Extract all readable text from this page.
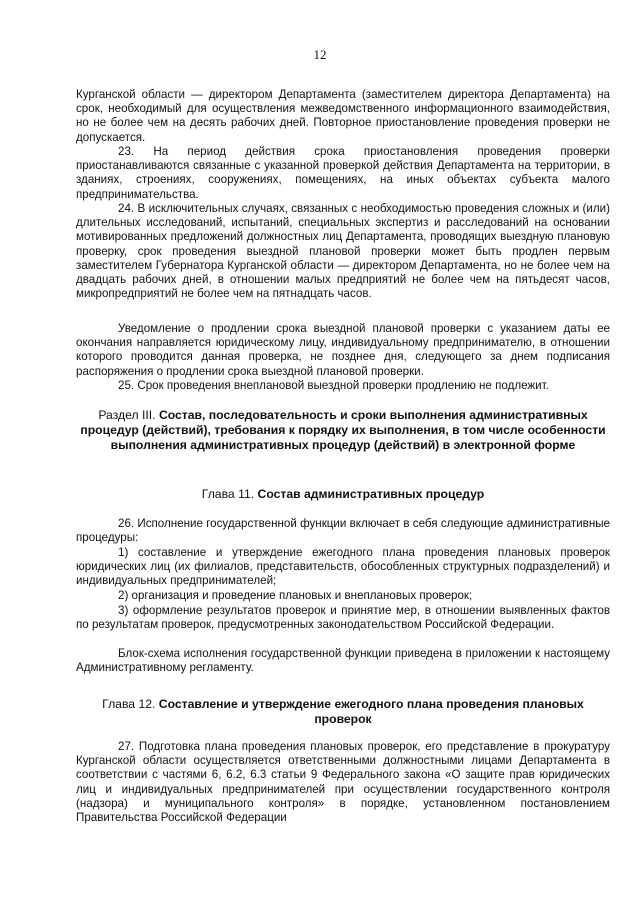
12

Курганской области — директором Департамента (заместителем директора Департамента) на срок, необходимый для осуществления межведомственного информационного взаимодействия, но не более чем на десять рабочих дней. Повторное приостановление проведения проверки не допускается.

23. На период действия срока приостановления проведения проверки приостанавливаются связанные с указанной проверкой действия Департамента на территории, в зданиях, строениях, сооружениях, помещениях, на иных объектах субъекта малого предпринимательства.

24. В исключительных случаях, связанных с необходимостью проведения сложных и (или) длительных исследований, испытаний, специальных экспертиз и расследований на основании мотивированных предложений должностных лиц Департамента, проводящих выездную плановую проверку, срок проведения выездной плановой проверки может быть продлен первым заместителем Губернатора Курганской области — директором Департамента, но не более чем на двадцать рабочих дней, в отношении малых предприятий не более чем на пятьдесят часов, микропредприятий не более чем на пятнадцать часов.

Уведомление о продлении срока выездной плановой проверки с указанием даты ее окончания направляется юридическому лицу, индивидуальному предпринимателю, в отношении которого проводится данная проверка, не позднее дня, следующего за днем подписания распоряжения о продлении срока выездной плановой проверки.

25. Срок проведения внеплановой выездной проверки продлению не подлежит.

Раздел III. Состав, последовательность и сроки выполнения административных процедур (действий), требования к порядку их выполнения, в том числе особенности выполнения административных процедур (действий) в электронной форме

Глава 11. Состав административных процедур

26. Исполнение государственной функции включает в себя следующие административные процедуры:

1) составление и утверждение ежегодного плана проведения плановых проверок юридических лиц (их филиалов, представительств, обособленных структурных подразделений) и индивидуальных предпринимателей;

2) организация и проведение плановых и внеплановых проверок;

3) оформление результатов проверок и принятие мер, в отношении выявленных фактов по результатам проверок, предусмотренных законодательством Российской Федерации.

Блок-схема исполнения государственной функции приведена в приложении к настоящему Административному регламенту.

Глава 12. Составление и утверждение ежегодного плана проведения плановых проверок

27. Подготовка плана проведения плановых проверок, его представление в прокуратуру Курганской области осуществляется ответственными должностными лицами Департамента в соответствии с частями 6, 6.2, 6.3 статьи 9 Федерального закона «О защите прав юридических лиц и индивидуальных предпринимателей при осуществлении государственного контроля (надзора) и муниципального контроля» в порядке, установленном постановлением Правительства Российской Федерации
